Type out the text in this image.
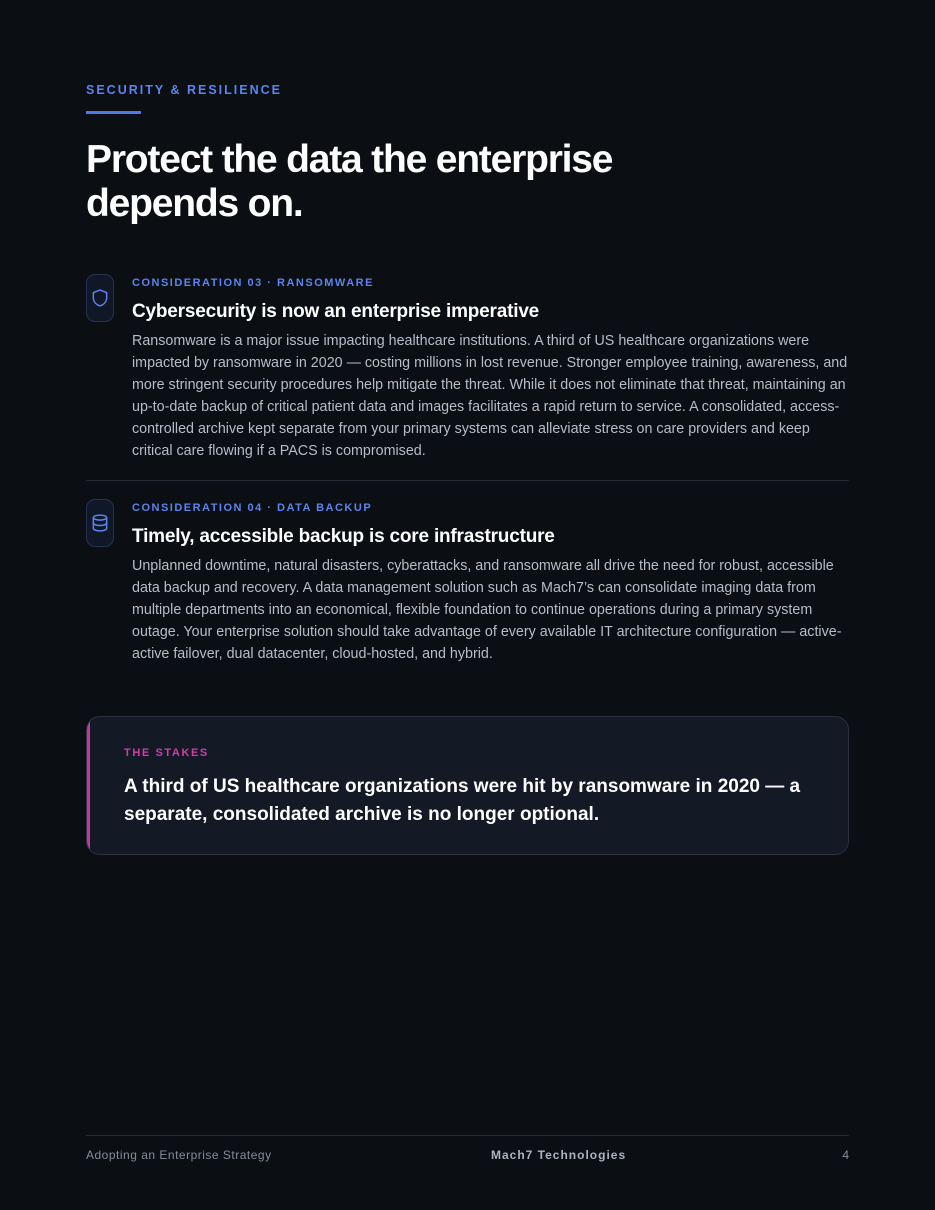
SECURITY & RESILIENCE
Protect the data the enterprise depends on.
CONSIDERATION 03 · RANSOMWARE
Cybersecurity is now an enterprise imperative

Ransomware is a major issue impacting healthcare institutions. A third of US healthcare organizations were impacted by ransomware in 2020 — costing millions in lost revenue. Stronger employee training, awareness, and more stringent security procedures help mitigate the threat. While it does not eliminate that threat, maintaining an up-to-date backup of critical patient data and images facilitates a rapid return to service. A consolidated, access-controlled archive kept separate from your primary systems can alleviate stress on care providers and keep critical care flowing if a PACS is compromised.

CONSIDERATION 04 · DATA BACKUP
Timely, accessible backup is core infrastructure

Unplanned downtime, natural disasters, cyberattacks, and ransomware all drive the need for robust, accessible data backup and recovery. A data management solution such as Mach7’s can consolidate imaging data from multiple departments into an economical, flexible foundation to continue operations during a primary system outage. Your enterprise solution should take advantage of every available IT architecture configuration — active-active failover, dual datacenter, cloud-hosted, and hybrid.

THE STAKES
A third of US healthcare organizations were hit by ransomware in 2020 — a separate, consolidated archive is no longer optional.
Adopting an Enterprise Strategy	Mach7 Technologies	4
